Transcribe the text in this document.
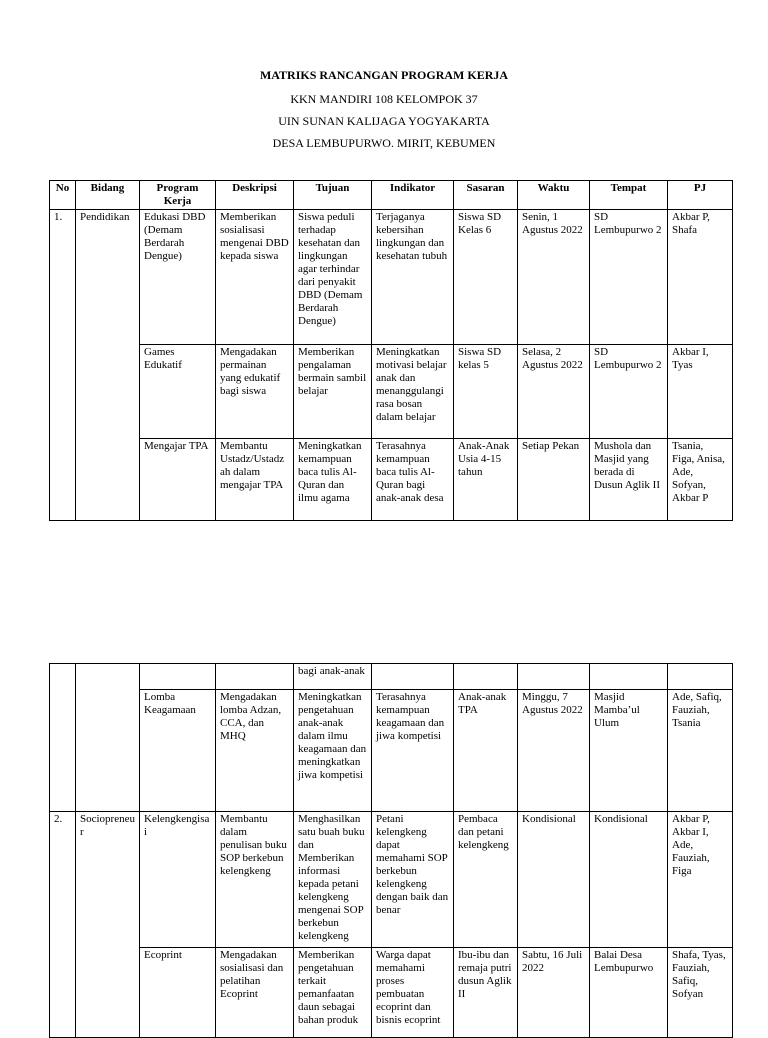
MATRIKS RANCANGAN PROGRAM KERJA
KKN MANDIRI 108 KELOMPOK 37
UIN SUNAN KALIJAGA YOGYAKARTA
DESA LEMBUPURWO. MIRIT, KEBUMEN
No	Bidang	Program Kerja	Deskripsi	Tujuan	Indikator	Sasaran	Waktu	Tempat	PJ
1.	Pendidikan	Edukasi DBD (Demam Berdarah Dengue)	Memberikan sosialisasi mengenai DBD kepada siswa	Siswa peduli terhadap kesehatan dan lingkungan agar terhindar dari penyakit DBD (Demam Berdarah Dengue)	Terjaganya kebersihan lingkungan dan kesehatan tubuh	Siswa SD Kelas 6	Senin, 1 Agustus 2022	SD Lembupurwo 2	Akbar P, Shafa
		Games Edukatif	Mengadakan permainan yang edukatif bagi siswa	Memberikan pengalaman bermain sambil belajar	Meningkatkan motivasi belajar anak dan menanggulangi rasa bosan dalam belajar	Siswa SD kelas 5	Selasa, 2 Agustus 2022	SD Lembupurwo 2	Akbar I, Tyas
		Mengajar TPA	Membantu Ustadz/Ustadzah dalam mengajar TPA	Meningkatkan kemampuan baca tulis Al-Quran dan ilmu agama	Terasahnya kemampuan baca tulis Al-Quran bagi anak-anak desa	Anak-Anak Usia 4-15 tahun	Setiap Pekan	Mushola dan Masjid yang berada di Dusun Aglik II	Tsania, Figa, Anisa, Ade, Sofyan, Akbar P
				bagi anak-anak					
		Lomba Keagamaan	Mengadakan lomba Adzan, CCA, dan MHQ	Meningkatkan pengetahuan anak-anak dalam ilmu keagamaan dan meningkatkan jiwa kompetisi	Terasahnya kemampuan keagamaan dan jiwa kompetisi	Anak-anak TPA	Minggu, 7 Agustus 2022	Masjid Mamba’ul Ulum	Ade, Safiq, Fauziah, Tsania
2.	Sociopreneur	Kelengkengisai	Membantu dalam penulisan buku SOP berkebun kelengkeng	Menghasilkan satu buah buku dan Memberikan informasi kepada petani kelengkeng mengenai SOP berkebun kelengkeng	Petani kelengkeng dapat memahami SOP berkebun kelengkeng dengan baik dan benar	Pembaca dan petani kelengkeng	Kondisional	Kondisional	Akbar P, Akbar I, Ade, Fauziah, Figa
		Ecoprint	Mengadakan sosialisasi dan pelatihan Ecoprint	Memberikan pengetahuan terkait pemanfaatan daun sebagai bahan produk	Warga dapat memahami proses pembuatan ecoprint dan bisnis ecoprint	Ibu-ibu dan remaja putri dusun Aglik II	Sabtu, 16 Juli 2022	Balai Desa Lembupurwo	Shafa, Tyas, Fauziah, Safiq, Sofyan
